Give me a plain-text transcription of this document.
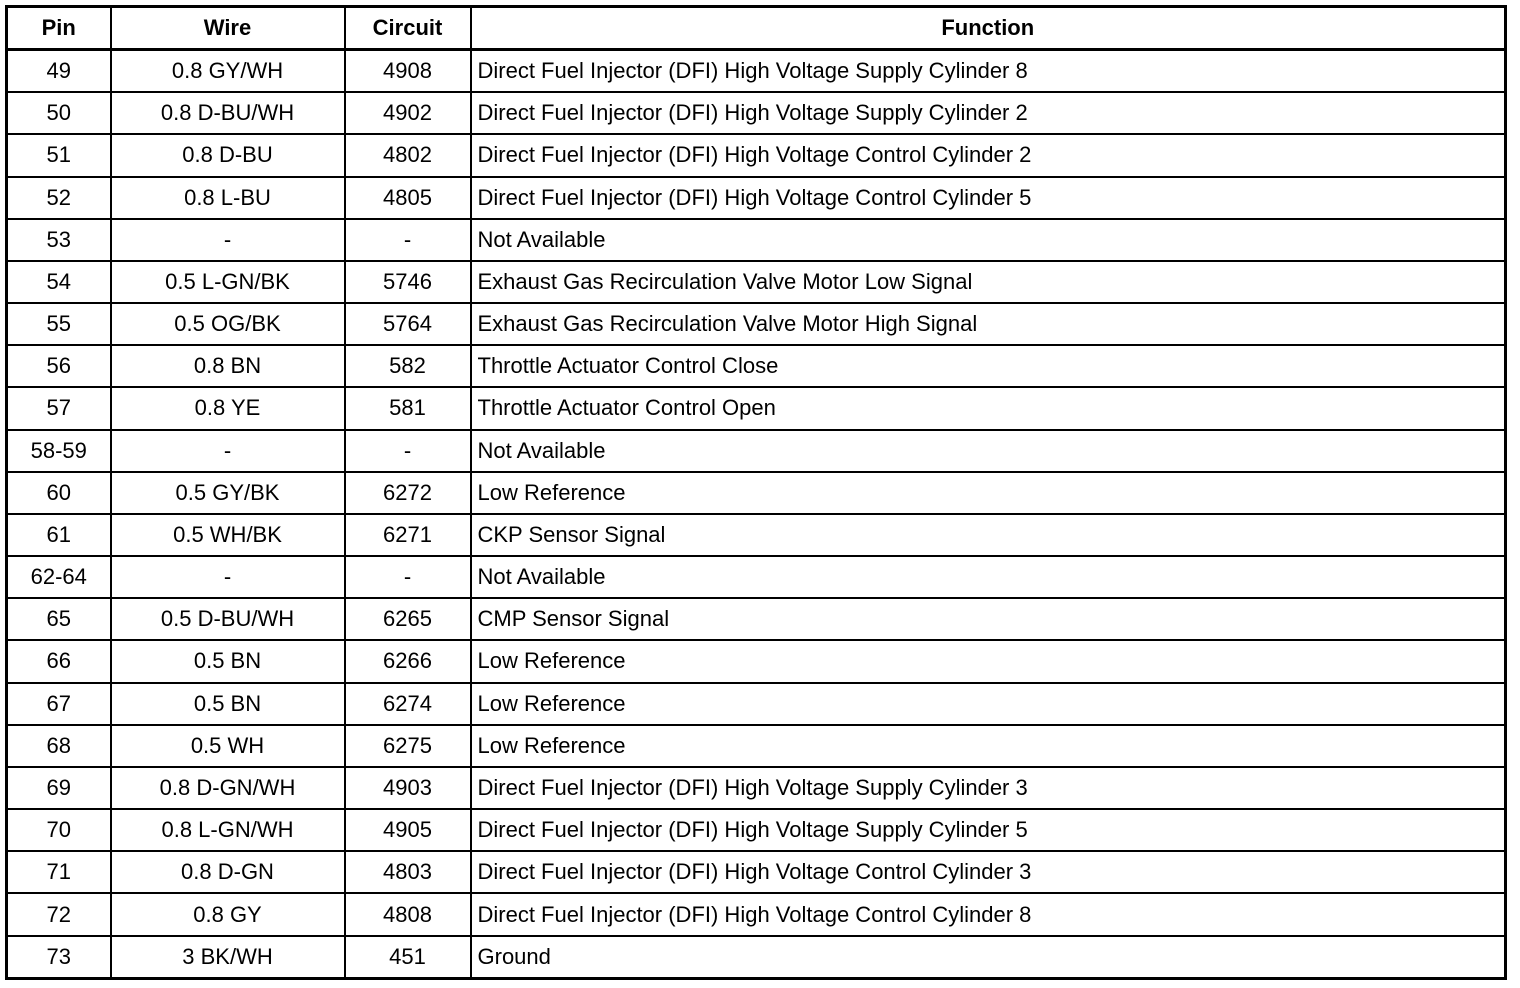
Pin	Wire	Circuit	Function
49	0.8 GY/WH	4908	Direct Fuel Injector (DFI) High Voltage Supply Cylinder 8
50	0.8 D-BU/WH	4902	Direct Fuel Injector (DFI) High Voltage Supply Cylinder 2
51	0.8 D-BU	4802	Direct Fuel Injector (DFI) High Voltage Control Cylinder 2
52	0.8 L-BU	4805	Direct Fuel Injector (DFI) High Voltage Control Cylinder 5
53	-	-	Not Available
54	0.5 L-GN/BK	5746	Exhaust Gas Recirculation Valve Motor Low Signal
55	0.5 OG/BK	5764	Exhaust Gas Recirculation Valve Motor High Signal
56	0.8 BN	582	Throttle Actuator Control Close
57	0.8 YE	581	Throttle Actuator Control Open
58-59	-	-	Not Available
60	0.5 GY/BK	6272	Low Reference
61	0.5 WH/BK	6271	CKP Sensor Signal
62-64	-	-	Not Available
65	0.5 D-BU/WH	6265	CMP Sensor Signal
66	0.5 BN	6266	Low Reference
67	0.5 BN	6274	Low Reference
68	0.5 WH	6275	Low Reference
69	0.8 D-GN/WH	4903	Direct Fuel Injector (DFI) High Voltage Supply Cylinder 3
70	0.8 L-GN/WH	4905	Direct Fuel Injector (DFI) High Voltage Supply Cylinder 5
71	0.8 D-GN	4803	Direct Fuel Injector (DFI) High Voltage Control Cylinder 3
72	0.8 GY	4808	Direct Fuel Injector (DFI) High Voltage Control Cylinder 8
73	3 BK/WH	451	Ground
